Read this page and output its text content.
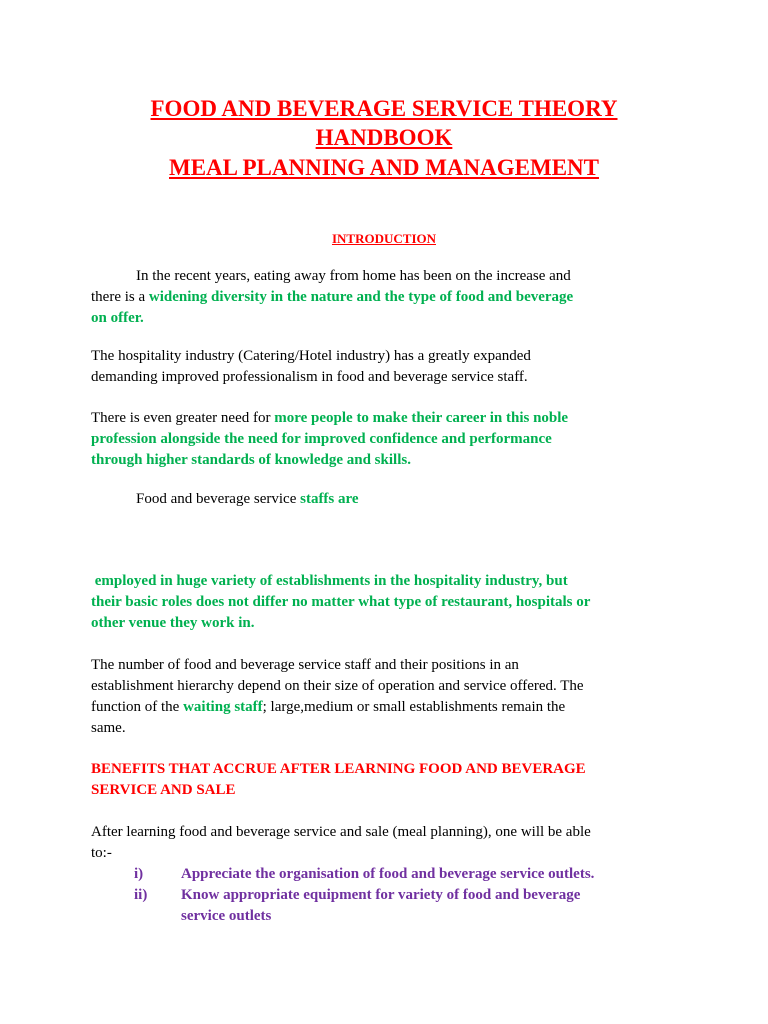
FOOD AND BEVERAGE SERVICE THEORY
HANDBOOK
MEAL PLANNING AND MANAGEMENT
INTRODUCTION
In the recent years, eating away from home has been on the increase and
there is a widening diversity in the nature and the type of food and beverage
on offer.
The hospitality industry (Catering/Hotel industry) has a greatly expanded
demanding improved professionalism in food and beverage service staff.
There is even greater need for more people to make their career in this noble
profession alongside the need for improved confidence and performance
through higher standards of knowledge and skills.
Food and beverage service staffs are
employed in huge variety of establishments in the hospitality industry, but
their basic roles does not differ no matter what type of restaurant, hospitals or
other venue they work in.
The number of food and beverage service staff and their positions in an
establishment hierarchy depend on their size of operation and service offered. The
function of the waiting staff; large,medium or small establishments remain the
same.
BENEFITS THAT ACCRUE AFTER LEARNING FOOD AND BEVERAGE
SERVICE AND SALE
After learning food and beverage service and sale (meal planning), one will be able
to:-
i)	Appreciate the organisation of food and beverage service outlets.
ii) Know appropriate equipment for variety of food and beverage
service outlets
